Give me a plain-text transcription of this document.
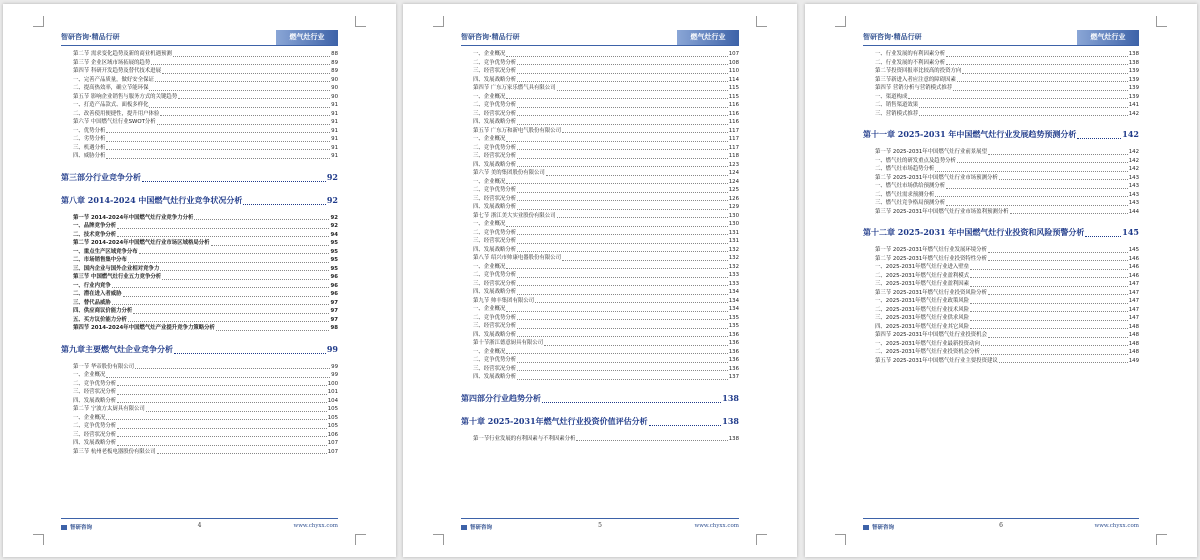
智研咨询·精品行研	燃气灶行业
第二节 需求变化趋势及新的商业机遇预测	88
第三节 企业区域市场拓展的趋势	89
第四节 科研开发趋势及替代技术进展	89
一、完善产品质量，做好安全保证	90
二、提高热效率，确立节能环保	90
第五节 影响企业销售与服务方式的关键趋势	90
一、打造产品款式、面板多样化	91
二、改善使用便捷性，提升用户体验	91
第六节 中国燃气灶行业SWOT分析	91
一、优势分析	91
二、劣势分析	91
三、机遇分析	91
四、威胁分析	91
第三部分行业竞争分析	92
第八章 2014-2024 中国燃气灶行业竞争状况分析	92
第一节 2014-2024年中国燃气灶行业竞争力分析	92
一、品牌竞争分析	92
二、技术竞争分析	94
第二节 2014-2024年中国燃气灶行业市场区域格局分析	95
一、重点生产区域竞争分布	95
二、市场销售集中分布	95
三、国内企业与国外企业相对竞争力	95
第三节 中国燃气灶行业五力竞争分析	96
一、行业内竞争	96
二、潜在进入者威胁	96
三、替代品威胁	97
四、供应商议价能力分析	97
五、买方议价能力分析	97
第四节 2014-2024年中国燃气灶产业提升竞争力策略分析	98
第九章主要燃气灶企业竞争分析	99
第一节 华帝股份有限公司	99
一、企业概况	99
二、竞争优势分析	100
三、经营状况分析	101
四、发展战略分析	104
第二节 宁波方太厨具有限公司	105
一、企业概况	105
二、竞争优势分析	105
三、经营状况分析	106
四、发展战略分析	107
第三节 杭州老板电器股份有限公司	107
智研咨询	4	www.chyxx.com
智研咨询·精品行研	燃气灶行业
一、企业概况	107
二、竞争优势分析	108
三、经营状况分析	110
四、发展战略分析	114
第四节 广东万家乐燃气具有限公司	115
一、企业概况	115
二、竞争优势分析	116
三、经营状况分析	116
四、发展战略分析	116
第五节 广东万和新电气股份有限公司	117
一、企业概况	117
二、竞争优势分析	117
三、经营状况分析	118
四、发展战略分析	123
第六节 美的集团股份有限公司	124
一、企业概况	124
二、竞争优势分析	125
三、经营状况分析	126
四、发展战略分析	129
第七节 浙江美大实业股份有限公司	130
一、企业概况	130
二、竞争优势分析	131
三、经营状况分析	131
四、发展战略分析	132
第八节 绍兴市帅康电器股份有限公司	132
一、企业概况	132
二、竞争优势分析	133
三、经营状况分析	133
四、发展战略分析	134
第九节 帅丰集团有限公司	134
一、企业概况	134
二、竞争优势分析	135
三、经营状况分析	135
四、发展战略分析	136
第十节浙江德意厨具有限公司	136
一、企业概况	136
二、竞争优势分析	136
三、经营状况分析	136
四、发展战略分析	137
第四部分行业趋势分析	138
第十章 2025-2031年燃气灶行业投资价值评估分析	138
第一节行业发展的有利因素与不利因素分析	138
智研咨询	5	www.chyxx.com
智研咨询·精品行研	燃气灶行业
一、行业发展的有利因素分析	138
二、行业发展的不利因素分析	138
第二节投资回报率比较高的投资方向	139
第三节新进入者应注意的障碍因素	139
第四节 营销分析与营销模式推荐	139
一、渠道构成	139
二、销售渠道效果	141
三、营销模式推荐	142
第十一章 2025-2031 年中国燃气灶行业发展趋势预测分析	142
第一节 2025-2031年中国燃气灶行业前景展望	142
一、燃气灶的研发重点及趋势分析	142
二、燃气灶市场趋势分析	142
第二节 2025-2031年中国燃气灶行业市场预测分析	143
一、燃气灶市场供给预测分析	143
二、燃气灶需求预测分析	143
三、燃气灶竞争格局预测分析	143
第三节 2025-2031年中国燃气灶行业市场盈利预测分析	144
第十二章 2025-2031 年中国燃气灶行业投资和风险预警分析	145
第一节 2025-2031年燃气灶行业发展环境分析	145
第二节 2025-2031年燃气灶行业投资特性分析	146
一、2025-2031年燃气灶行业进入壁垒	146
二、2025-2031年燃气灶行业盈利模式	146
三、2025-2031年燃气灶行业盈利因素	147
第三节 2025-2031年燃气灶行业投资风险分析	147
一、2025-2031年燃气灶行业政策风险	147
二、2025-2031年燃气灶行业技术风险	147
三、2025-2031年燃气灶行业供求风险	147
四、2025-2031年燃气灶行业其它风险	148
第四节 2025-2031年中国燃气灶行业投资机会	148
一、2025-2031年燃气灶行业最新投资动向	148
二、2025-2031年燃气灶行业投资机会分析	148
第五节 2025-2031年中国燃气灶行业主要投资建议	149
智研咨询	6	www.chyxx.com
